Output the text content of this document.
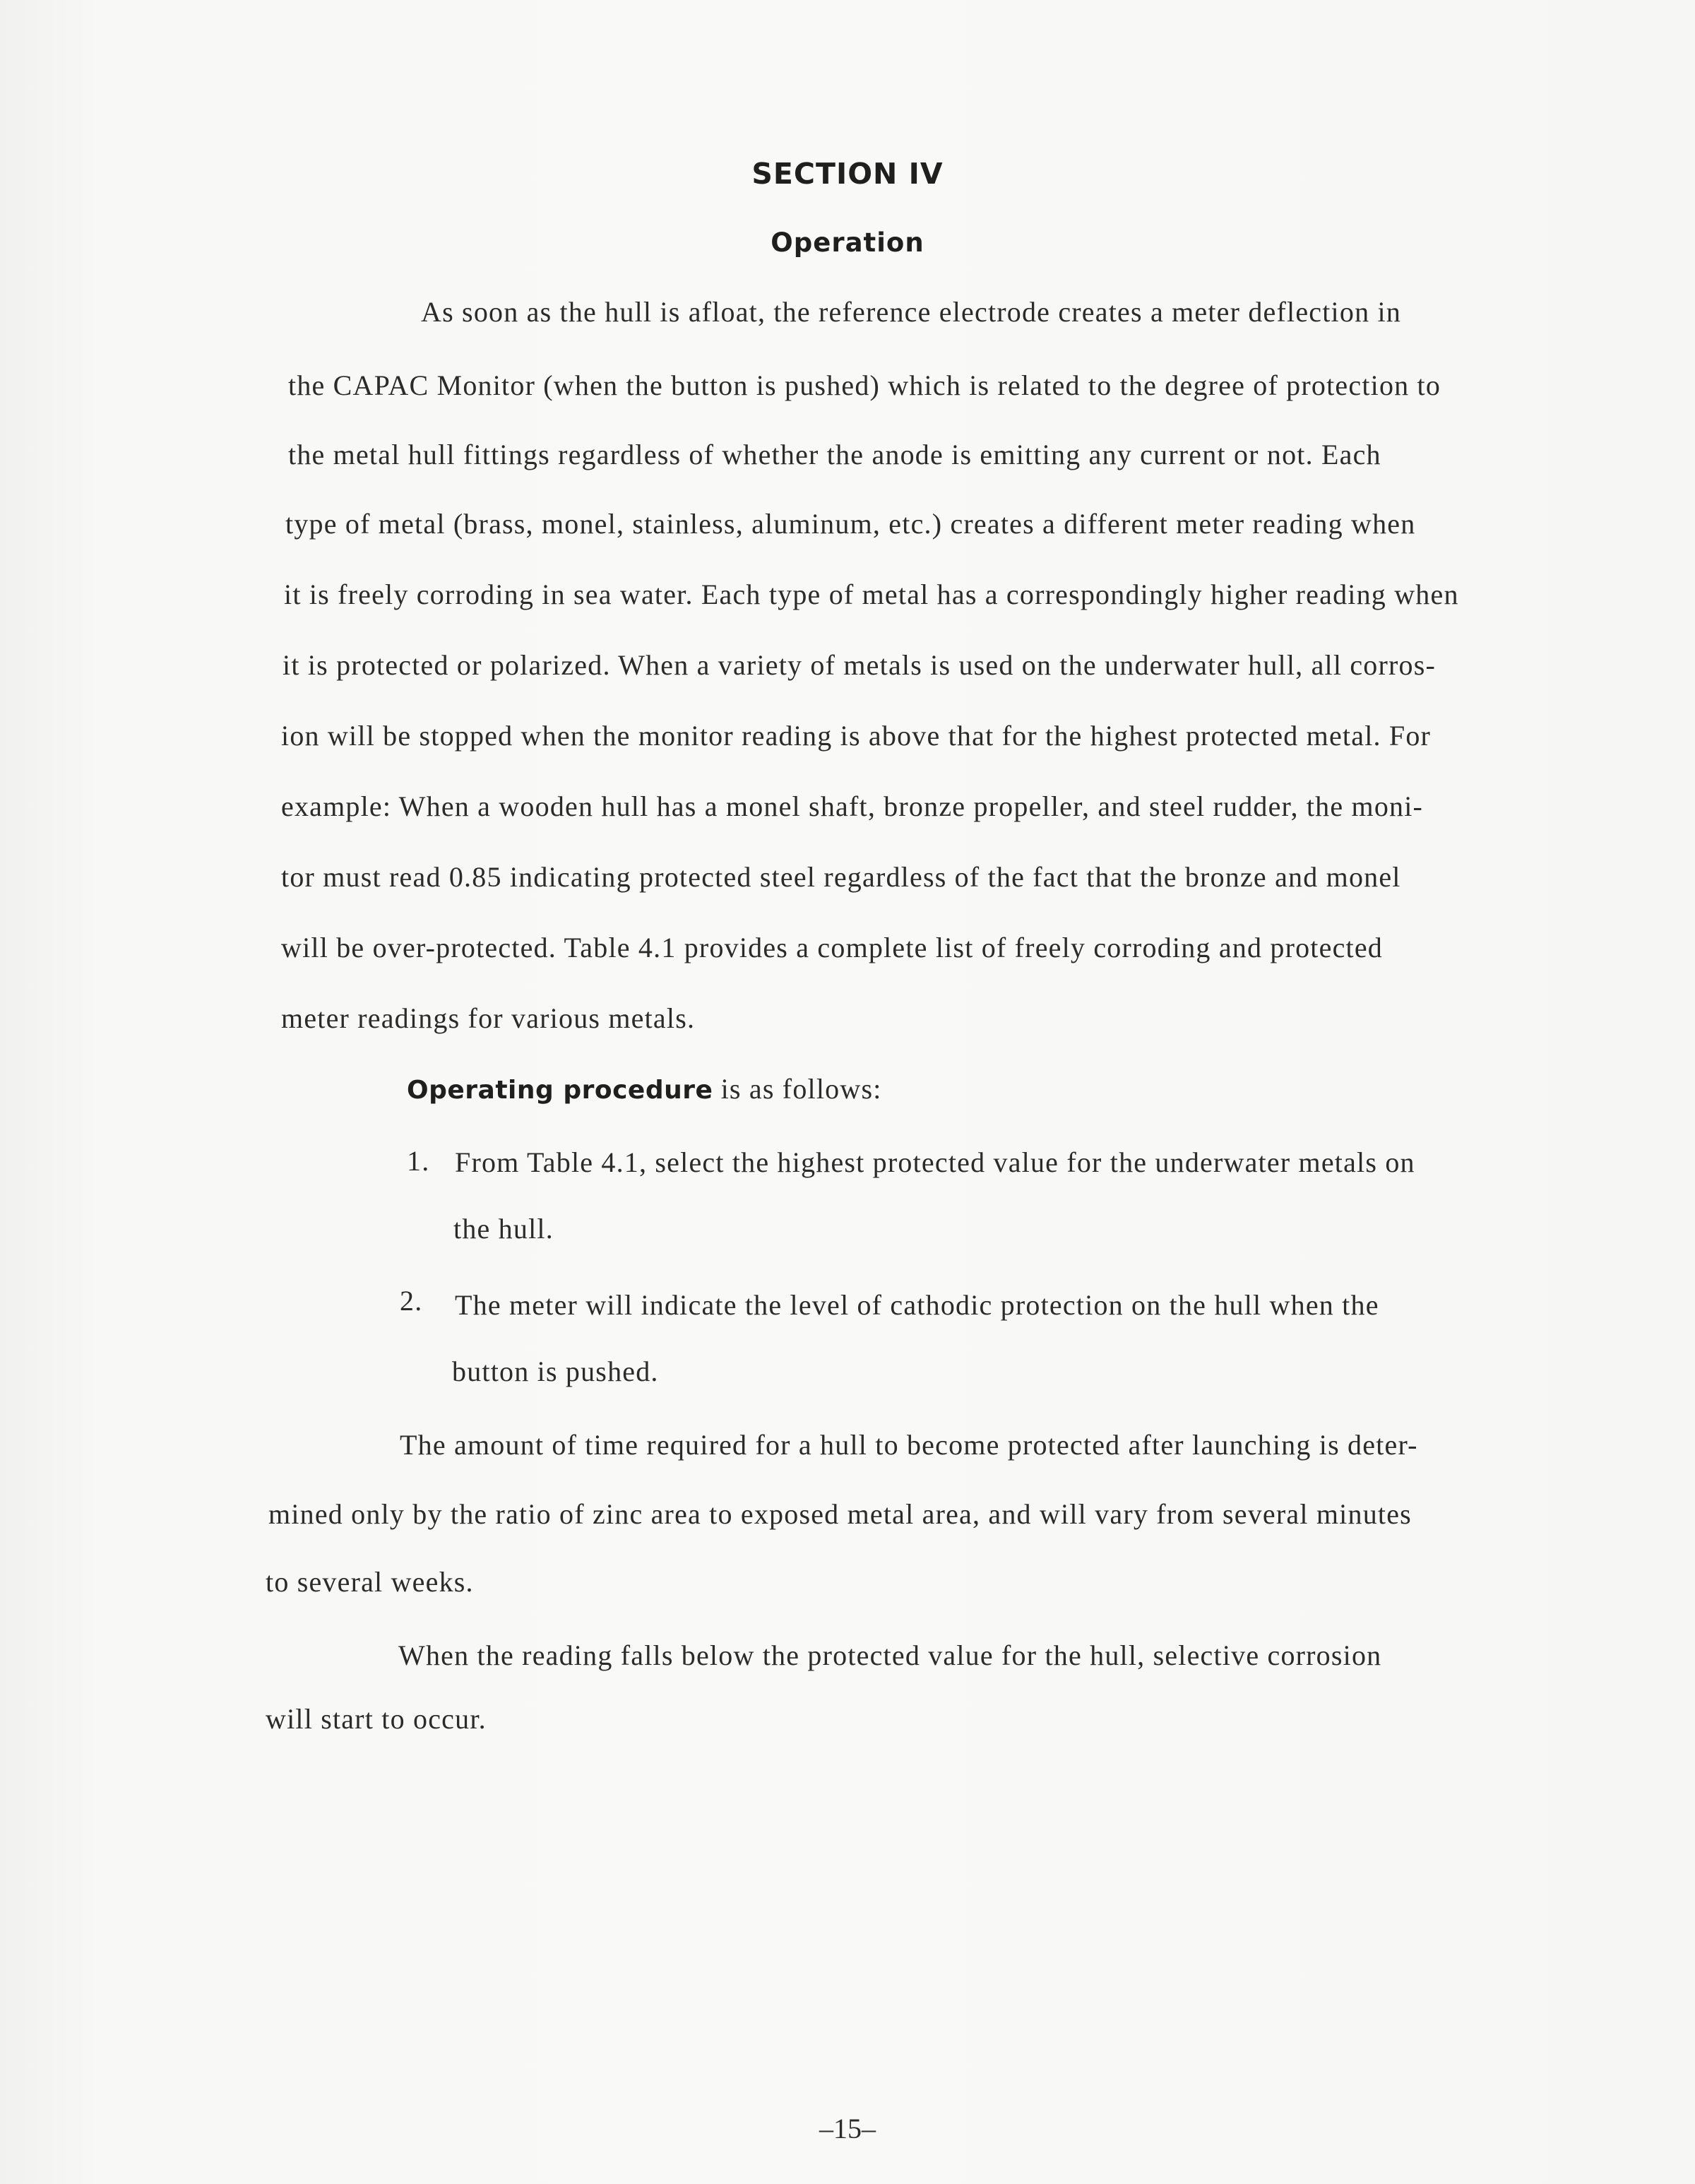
SECTION IV
Operation
As soon as the hull is afloat, the reference electrode creates a meter deflection in
the CAPAC Monitor (when the button is pushed) which is related to the degree of protection to
the metal hull fittings regardless of whether the anode is emitting any current or not. Each
type of metal (brass, monel, stainless, aluminum, etc.) creates a different meter reading when
it is freely corroding in sea water. Each type of metal has a correspondingly higher reading when
it is protected or polarized. When a variety of metals is used on the underwater hull, all corros-
ion will be stopped when the monitor reading is above that for the highest protected metal. For
example: When a wooden hull has a monel shaft, bronze propeller, and steel rudder, the moni-
tor must read 0.85 indicating protected steel regardless of the fact that the bronze and monel
will be over-protected. Table 4.1 provides a complete list of freely corroding and protected
meter readings for various metals.
Operating procedure is as follows:
1. From Table 4.1, select the highest protected value for the underwater metals on
the hull.
2. The meter will indicate the level of cathodic protection on the hull when the
button is pushed.
The amount of time required for a hull to become protected after launching is deter-
mined only by the ratio of zinc area to exposed metal area, and will vary from several minutes
to several weeks.
When the reading falls below the protected value for the hull, selective corrosion
will start to occur.
–15–
